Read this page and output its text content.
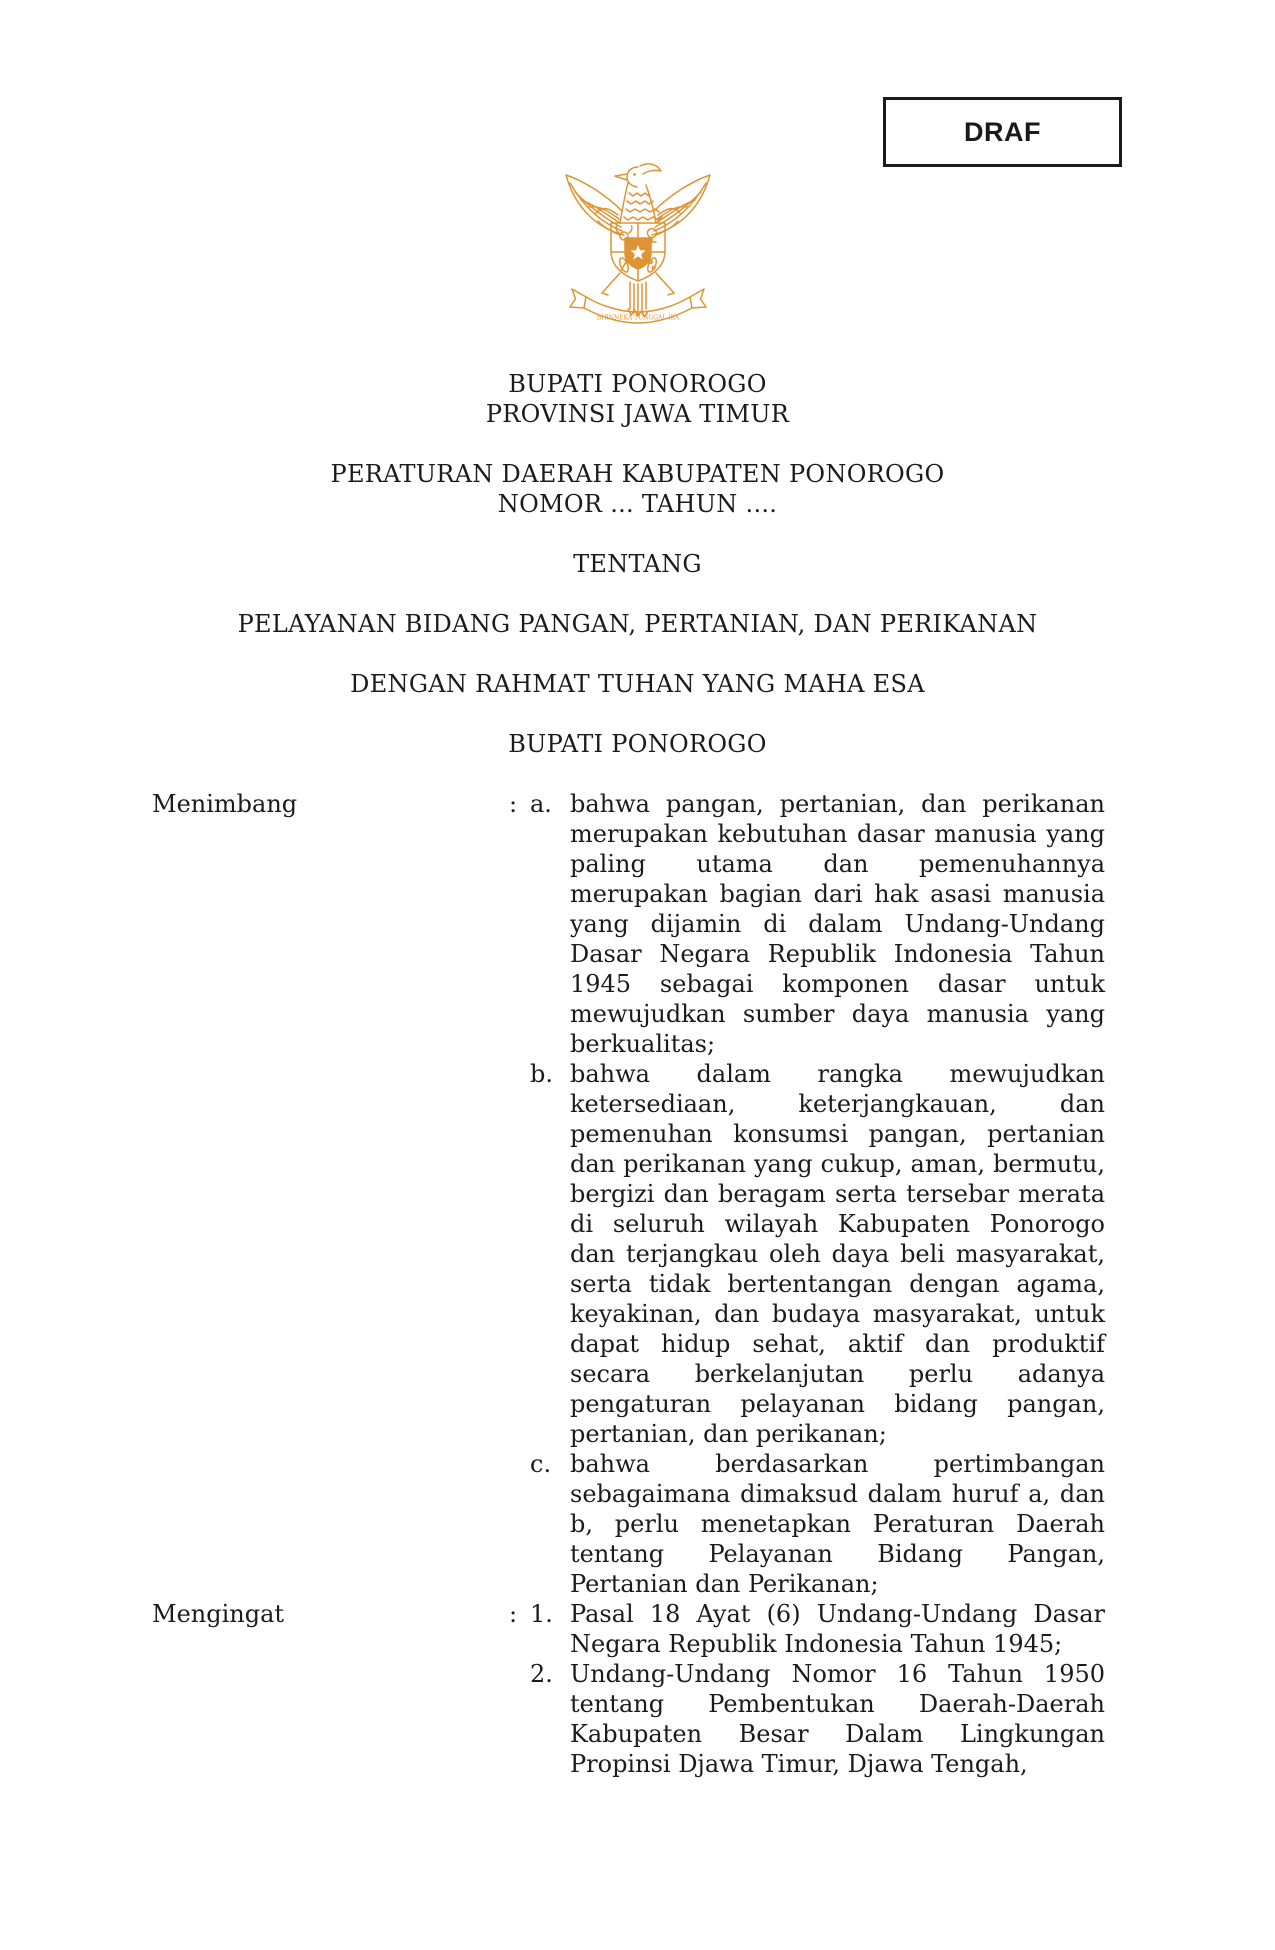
DRAF
BHINNEKA TUNGGAL IKA
BUPATI PONOROGO
PROVINSI JAWA TIMUR
PERATURAN DAERAH KABUPATEN PONOROGO
NOMOR ... TAHUN ....
TENTANG
PELAYANAN BIDANG PANGAN, PERTANIAN, DAN PERIKANAN
DENGAN RAHMAT TUHAN YANG MAHA ESA
BUPATI PONOROGO
Menimbang	: a. bahwa pangan, pertanian, dan perikanan merupakan kebutuhan dasar manusia yang paling utama dan pemenuhannya merupakan bagian dari hak asasi manusia yang dijamin di dalam Undang-Undang Dasar Negara Republik Indonesia Tahun 1945 sebagai komponen dasar untuk mewujudkan sumber daya manusia yang berkualitas;
b. bahwa dalam rangka mewujudkan ketersediaan, keterjangkauan, dan pemenuhan konsumsi pangan, pertanian dan perikanan yang cukup, aman, bermutu, bergizi dan beragam serta tersebar merata di seluruh wilayah Kabupaten Ponorogo dan terjangkau oleh daya beli masyarakat, serta tidak bertentangan dengan agama, keyakinan, dan budaya masyarakat, untuk dapat hidup sehat, aktif dan produktif secara berkelanjutan perlu adanya pengaturan pelayanan bidang pangan, pertanian, dan perikanan;
c. bahwa berdasarkan pertimbangan sebagaimana dimaksud dalam huruf a, dan b, perlu menetapkan Peraturan Daerah tentang Pelayanan Bidang Pangan, Pertanian dan Perikanan;
Mengingat	: 1. Pasal 18 Ayat (6) Undang-Undang Dasar Negara Republik Indonesia Tahun 1945;
2. Undang-Undang Nomor 16 Tahun 1950 tentang Pembentukan Daerah-Daerah Kabupaten Besar Dalam Lingkungan Propinsi Djawa Timur, Djawa Tengah,
